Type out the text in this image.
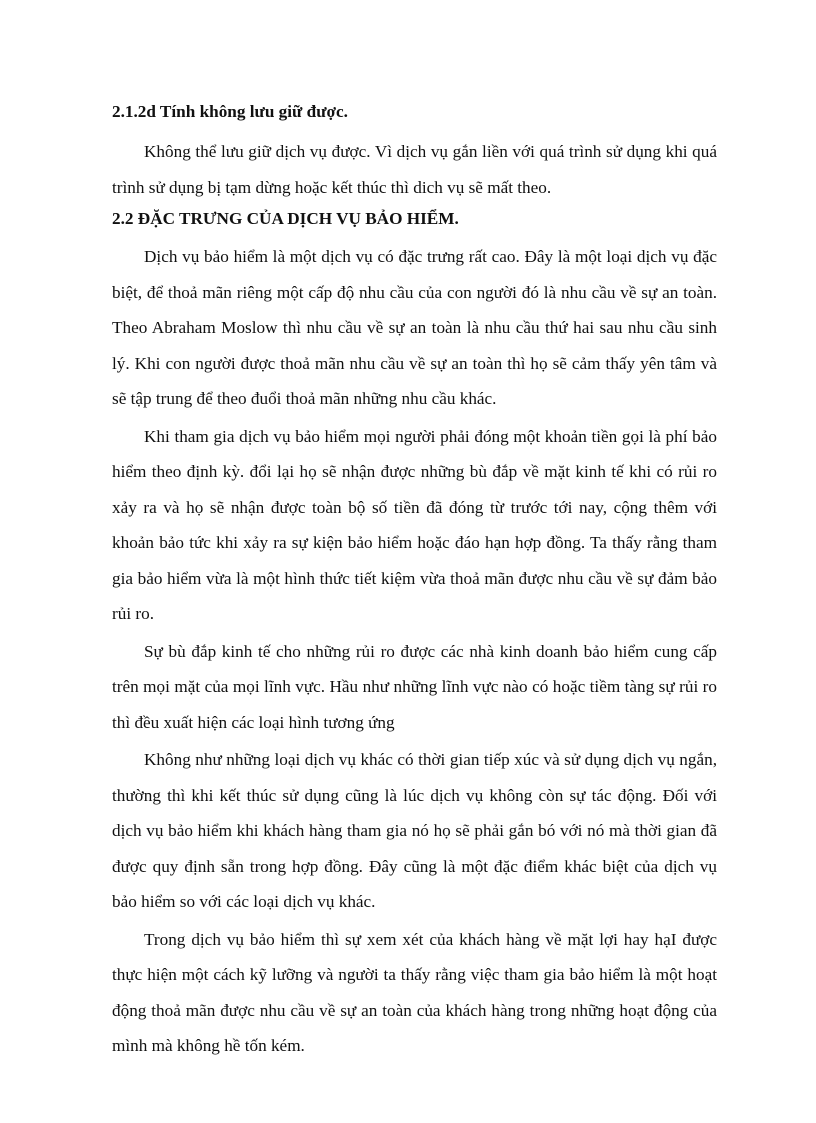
2.1.2d Tính không lưu giữ được.

Không thể lưu giữ dịch vụ được. Vì dịch vụ gắn liền với quá trình sử dụng khi quá trình sử dụng bị tạm dừng hoặc kết thúc thì dich vụ sẽ mất theo.

2.2 ĐẶC TRƯNG CỦA DỊCH VỤ BẢO HIỂM.

Dịch vụ bảo hiểm là một dịch vụ có đặc trưng rất cao. Đây là một loại dịch vụ đặc biệt, để thoả mãn riêng một cấp độ nhu cầu của con người đó là nhu cầu về sự an toàn. Theo Abraham Moslow thì nhu cầu về sự an toàn là nhu cầu thứ hai sau nhu cầu sinh lý. Khi con người được thoả mãn nhu cầu về sự an toàn thì họ sẽ cảm thấy yên tâm và sẽ tập trung để theo đuổi thoả mãn những nhu cầu khác.

Khi tham gia dịch vụ bảo hiểm mọi người phải đóng một khoản tiền gọi là phí bảo hiểm theo định kỳ. đổi lại họ sẽ nhận được những bù đắp về mặt kinh tế khi có rủi ro xảy ra và họ sẽ nhận được toàn bộ số tiền đã đóng từ trước tới nay, cộng thêm với khoản bảo tức khi xảy ra sự kiện bảo hiểm hoặc đáo hạn hợp đồng. Ta thấy rằng tham gia bảo hiểm vừa là một hình thức tiết kiệm vừa thoả mãn được nhu cầu về sự đảm bảo rủi ro.

Sự bù đắp kinh tế cho những rủi ro được các nhà kinh doanh bảo hiểm cung cấp trên mọi mặt của mọi lĩnh vực. Hầu như những lĩnh vực nào có hoặc tiềm tàng sự rủi ro thì đều xuất hiện các loại hình tương ứng

Không như những loại dịch vụ khác có thời gian tiếp xúc và sử dụng dịch vụ ngắn, thường thì khi kết thúc sử dụng cũng là lúc dịch vụ không còn sự tác động. Đối với dịch vụ bảo hiểm khi khách hàng tham gia nó họ sẽ phải gắn bó với nó mà thời gian đã được quy định sẵn trong hợp đồng. Đây cũng là một đặc điểm khác biệt của dịch vụ bảo hiểm so với các loại dịch vụ khác.

Trong dịch vụ bảo hiểm thì sự xem xét của khách hàng về mặt lợi hay hạI được thực hiện một cách kỹ lưỡng và người ta thấy rằng việc tham gia bảo hiểm là một hoạt động thoả mãn được nhu cầu về sự an toàn của khách hàng trong những hoạt động của mình mà không hề tốn kém.
